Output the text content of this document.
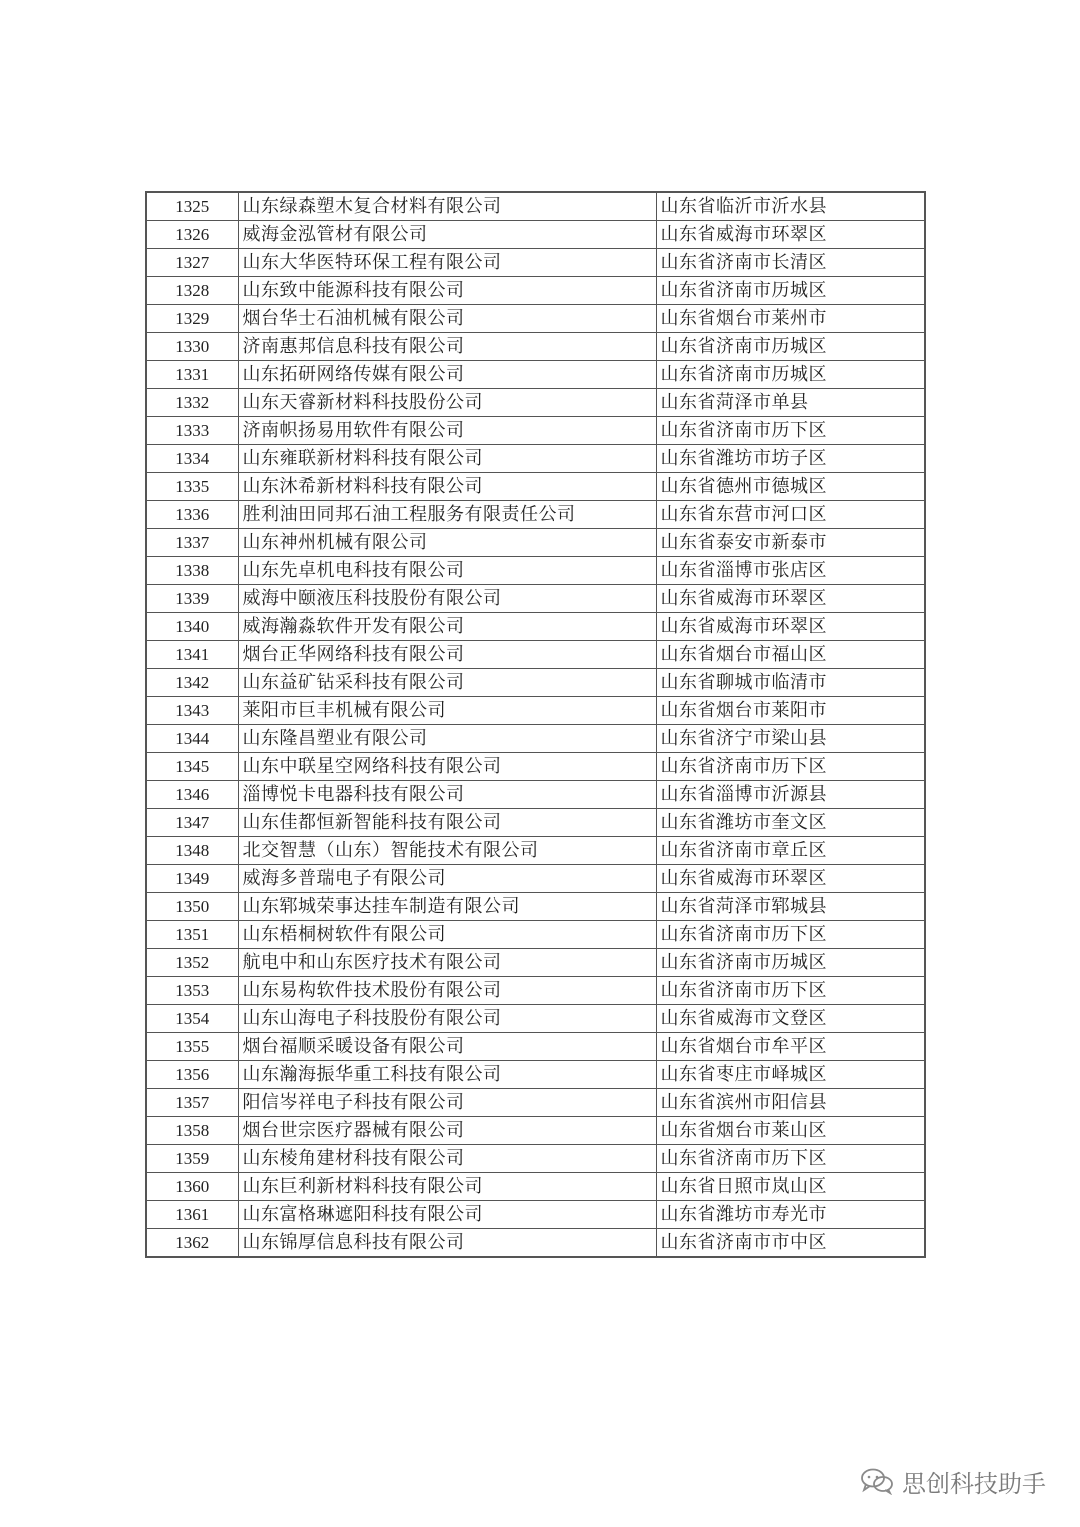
1325	山东绿森塑木复合材料有限公司	山东省临沂市沂水县
1326	威海金泓管材有限公司	山东省威海市环翠区
1327	山东大华医特环保工程有限公司	山东省济南市长清区
1328	山东致中能源科技有限公司	山东省济南市历城区
1329	烟台华士石油机械有限公司	山东省烟台市莱州市
1330	济南惠邦信息科技有限公司	山东省济南市历城区
1331	山东拓研网络传媒有限公司	山东省济南市历城区
1332	山东天睿新材料科技股份公司	山东省菏泽市单县
1333	济南帜扬易用软件有限公司	山东省济南市历下区
1334	山东雍联新材料科技有限公司	山东省潍坊市坊子区
1335	山东沐希新材料科技有限公司	山东省德州市德城区
1336	胜利油田同邦石油工程服务有限责任公司	山东省东营市河口区
1337	山东神州机械有限公司	山东省泰安市新泰市
1338	山东先卓机电科技有限公司	山东省淄博市张店区
1339	威海中颐液压科技股份有限公司	山东省威海市环翠区
1340	威海瀚淼软件开发有限公司	山东省威海市环翠区
1341	烟台正华网络科技有限公司	山东省烟台市福山区
1342	山东益矿钻采科技有限公司	山东省聊城市临清市
1343	莱阳市巨丰机械有限公司	山东省烟台市莱阳市
1344	山东隆昌塑业有限公司	山东省济宁市梁山县
1345	山东中联星空网络科技有限公司	山东省济南市历下区
1346	淄博悦卡电器科技有限公司	山东省淄博市沂源县
1347	山东佳都恒新智能科技有限公司	山东省潍坊市奎文区
1348	北交智慧（山东）智能技术有限公司	山东省济南市章丘区
1349	威海多普瑞电子有限公司	山东省威海市环翠区
1350	山东郓城荣事达挂车制造有限公司	山东省菏泽市郓城县
1351	山东梧桐树软件有限公司	山东省济南市历下区
1352	航电中和山东医疗技术有限公司	山东省济南市历城区
1353	山东易构软件技术股份有限公司	山东省济南市历下区
1354	山东山海电子科技股份有限公司	山东省威海市文登区
1355	烟台福顺采暖设备有限公司	山东省烟台市牟平区
1356	山东瀚海振华重工科技有限公司	山东省枣庄市峄城区
1357	阳信岑祥电子科技有限公司	山东省滨州市阳信县
1358	烟台世宗医疗器械有限公司	山东省烟台市莱山区
1359	山东棱角建材科技有限公司	山东省济南市历下区
1360	山东巨利新材料科技有限公司	山东省日照市岚山区
1361	山东富格琳遮阳科技有限公司	山东省潍坊市寿光市
1362	山东锦厚信息科技有限公司	山东省济南市市中区
思创科技助手
